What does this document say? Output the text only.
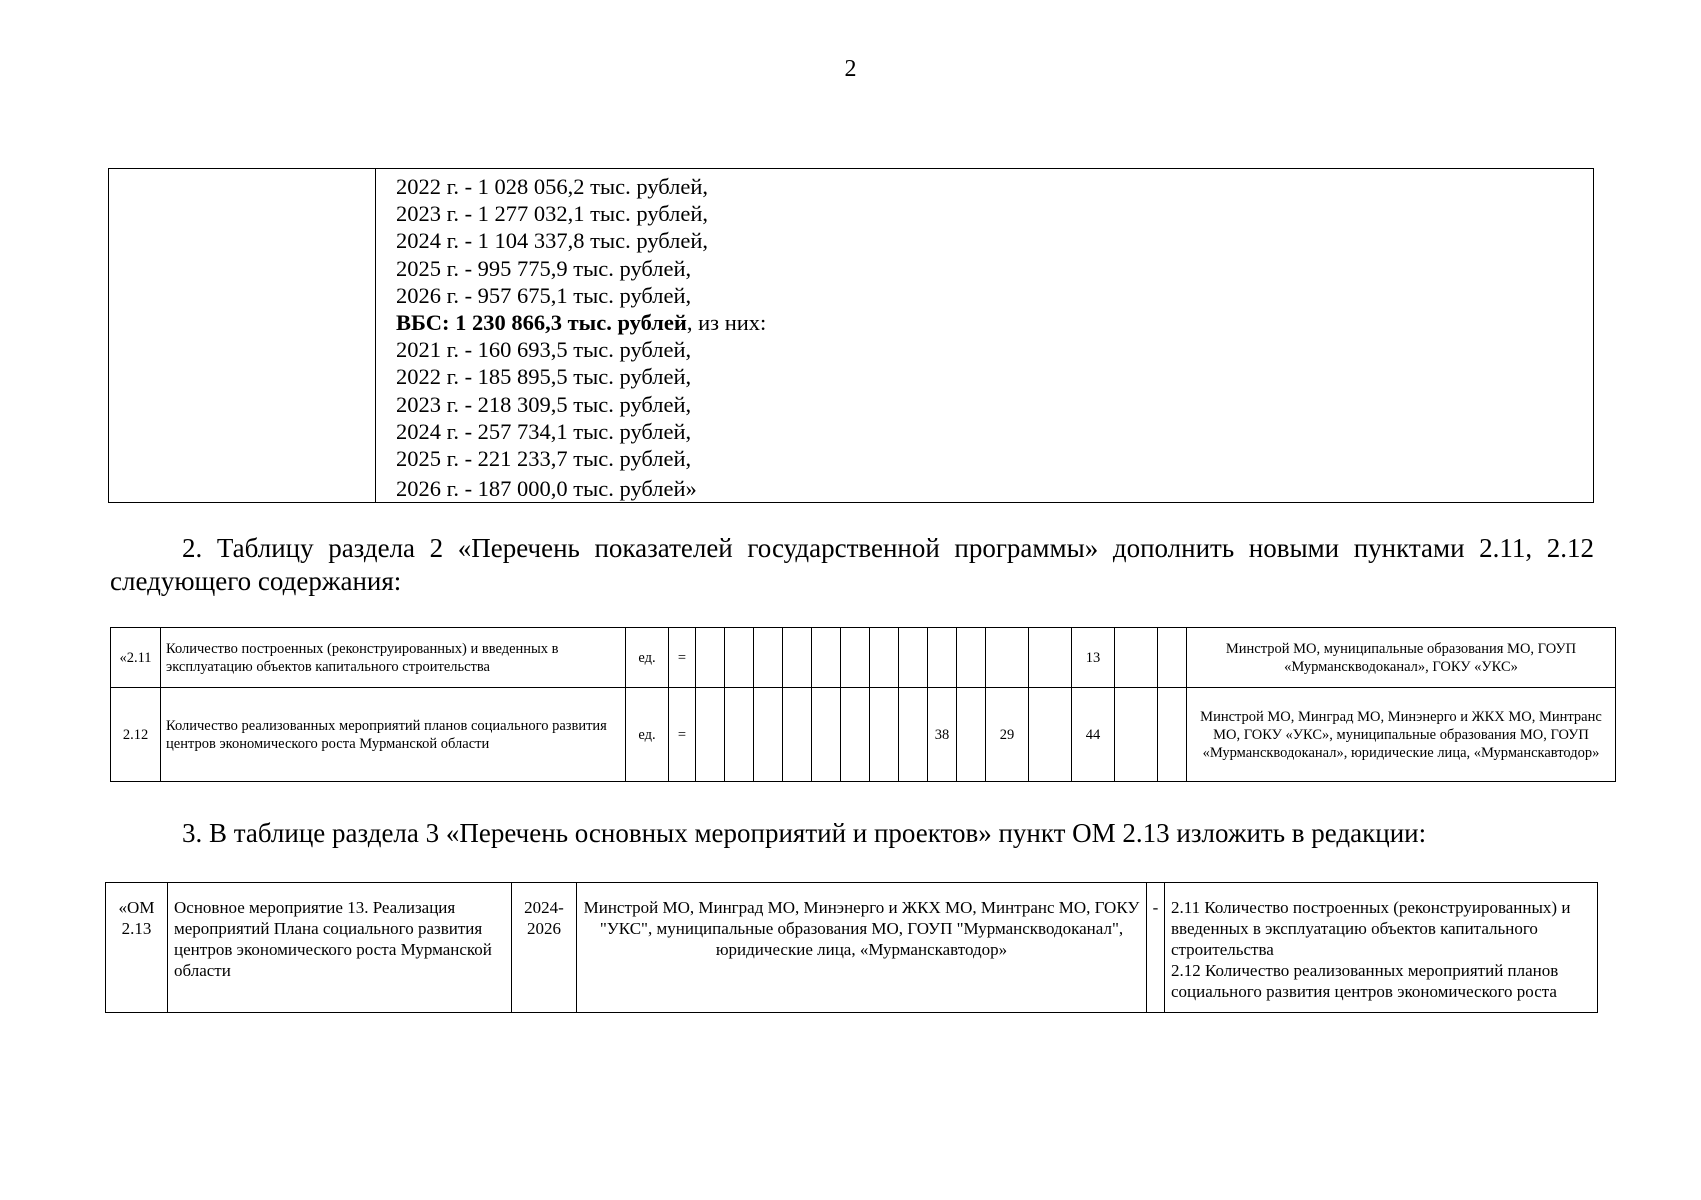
2

2022 г. - 1 028 056,2 тыс. рублей,
2023 г. - 1 277 032,1 тыс. рублей,
2024 г. - 1 104 337,8 тыс. рублей,
2025 г. - 995 775,9 тыс. рублей,
2026 г. - 957 675,1 тыс. рублей,
ВБС: 1 230 866,3 тыс. рублей, из них:
2021 г. - 160 693,5 тыс. рублей,
2022 г. - 185 895,5 тыс. рублей,
2023 г. - 218 309,5 тыс. рублей,
2024 г. - 257 734,1 тыс. рублей,
2025 г. - 221 233,7 тыс. рублей,
2026 г. - 187 000,0 тыс. рублей»
2. Таблицу раздела 2 «Перечень показателей государственной программы» дополнить новыми пунктами 2.11, 2.12 следующего содержания:
«2.11	Количество построенных (реконструированных) и введенных в эксплуатацию объектов капитального строительства	ед.	=													13			Минстрой МО, муниципальные образования МО, ГОУП «Мурманскводоканал», ГОКУ «УКС»
2.12	Количество реализованных мероприятий планов социального развития центров экономического роста Мурманской области	ед.	=									38		29		44			Минстрой МО, Минград МО, Минэнерго и ЖКХ МО, Минтранс МО, ГОКУ «УКС», муниципальные образования МО, ГОУП «Мурманскводоканал», юридические лица, «Мурманскавтодор»
3. В таблице раздела 3 «Перечень основных мероприятий и проектов» пункт ОМ 2.13 изложить в редакции:
«ОМ 2.13	Основное мероприятие 13. Реализация мероприятий Плана социального развития центров экономического роста Мурманской области	2024-2026	Минстрой МО, Минград МО, Минэнерго и ЖКХ МО, Минтранс МО, ГОКУ "УКС", муниципальные образования МО, ГОУП "Мурманскводоканал", юридические лица, «Мурманскавтодор»	-	2.11 Количество построенных (реконструированных) и введенных в эксплуатацию объектов капитального строительства
2.12 Количество реализованных мероприятий планов социального развития центров экономического роста
